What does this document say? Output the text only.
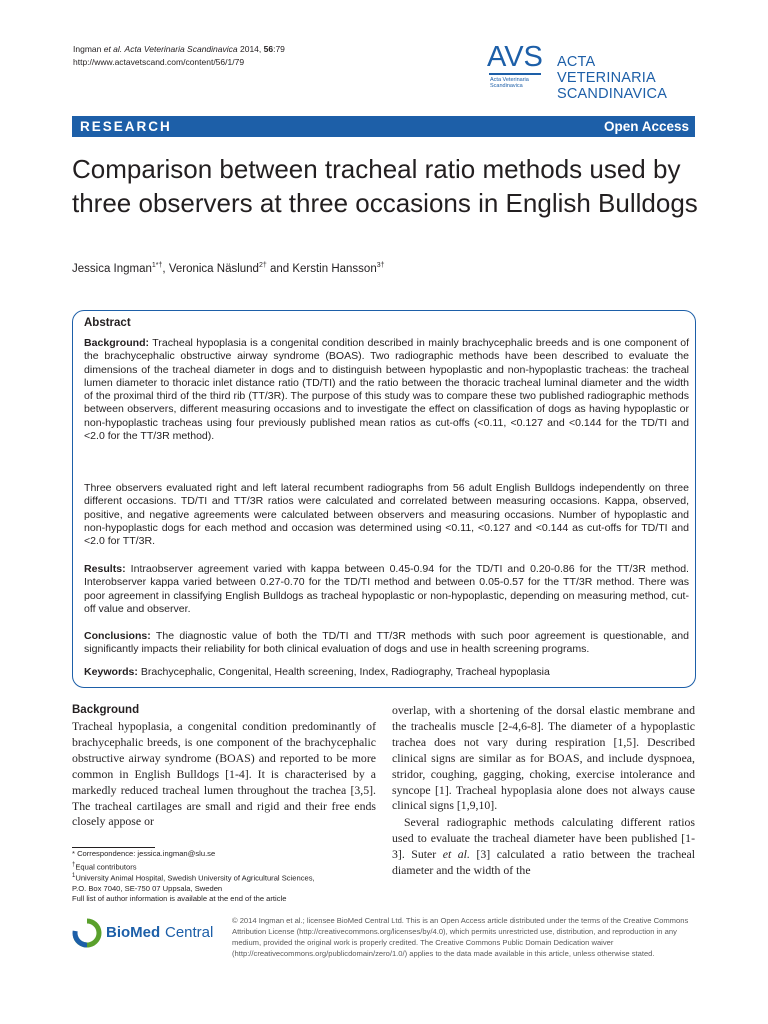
Ingman et al. Acta Veterinaria Scandinavica 2014, 56:79
http://www.actavetscand.com/content/56/1/79	AVS
Acta Veterinaria
Scandinavica
ACTA VETERINARIA
SCANDINAVICA
RESEARCH	Open Access
Comparison between tracheal ratio methods used by three observers at three occasions in English Bulldogs
Jessica Ingman$^{1*\dagger}$, Veronica Näslund$^{2\dagger}$ and Kerstin Hansson$^{3\dagger}$
Abstract

Background: Tracheal hypoplasia is a congenital condition described in mainly brachycephalic breeds and is one component of the brachycephalic obstructive airway syndrome (BOAS). Two radiographic methods have been described to evaluate the dimensions of the tracheal diameter in dogs and to distinguish between hypoplastic and non-hypoplastic tracheas: the tracheal lumen diameter to thoracic inlet distance ratio (TD/TI) and the ratio between the thoracic tracheal luminal diameter and the width of the proximal third of the third rib (TT/3R). The purpose of this study was to compare these two published radiographic methods between observers, different measuring occasions and to investigate the effect on classification of dogs as having hypoplastic or non-hypoplastic tracheas using four previously published mean ratios as cut-offs (<0.11, <0.127 and <0.144 for the TD/TI and <2.0 for the TT/3R method).

Three observers evaluated right and left lateral recumbent radiographs from 56 adult English Bulldogs independently on three different occasions. TD/TI and TT/3R ratios were calculated and correlated between measuring occasions. Kappa, observed, positive, and negative agreements were calculated between observers and measuring occasions. Number of hypoplastic and non-hypoplastic dogs for each method and occasion was determined using <0.11, <0.127 and <0.144 as cut-offs for TD/TI and <2.0 for TT/3R.

Results: Intraobserver agreement varied with kappa between 0.45-0.94 for the TD/TI and 0.20-0.86 for the TT/3R method. Interobserver kappa varied between 0.27-0.70 for the TD/TI method and between 0.05-0.57 for the TT/3R method. There was poor agreement in classifying English Bulldogs as tracheal hypoplastic or non-hypoplastic, depending on measuring method, cut-off value and observer.

Conclusions: The diagnostic value of both the TD/TI and TT/3R methods with such poor agreement is questionable, and significantly impacts their reliability for both clinical evaluation of dogs and use in health screening programs.

Keywords: Brachycephalic, Congenital, Health screening, Index, Radiography, Tracheal hypoplasia

Background

Tracheal hypoplasia, a congenital condition predominantly of brachycephalic breeds, is one component of the brachycephalic obstructive airway syndrome (BOAS) and reported to be more common in English Bulldogs [1-4]. It is characterised by a markedly reduced tracheal lumen throughout the trachea [3,5]. The tracheal cartilages are small and rigid and their free ends closely appose or

overlap, with a shortening of the dorsal elastic membrane and the trachealis muscle [2-4,6-8]. The diameter of a hypoplastic trachea does not vary during respiration [1,5]. Described clinical signs are similar as for BOAS, and include dyspnoea, stridor, coughing, gagging, choking, exercise intolerance and syncope [1]. Tracheal hypoplasia alone does not always cause clinical signs [1,9,10].

Several radiographic methods calculating different ratios used to evaluate the tracheal diameter have been published [1-3]. Suter et al. [3] calculated a ratio between the tracheal diameter and the width of the

* Correspondence: jessica.ingman@slu.se
†Equal contributors
$^1$University Animal Hospital, Swedish University of Agricultural Sciences,
P.O. Box 7040, SE-750 07 Uppsala, Sweden
Full list of author information is available at the end of the article
BioMed Central
© 2014 Ingman et al.; licensee BioMed Central Ltd. This is an Open Access article distributed under the terms of the Creative Commons Attribution License (http://creativecommons.org/licenses/by/4.0), which permits unrestricted use, distribution, and reproduction in any medium, provided the original work is properly credited. The Creative Commons Public Domain Dedication waiver (http://creativecommons.org/publicdomain/zero/1.0/) applies to the data made available in this article, unless otherwise stated.
